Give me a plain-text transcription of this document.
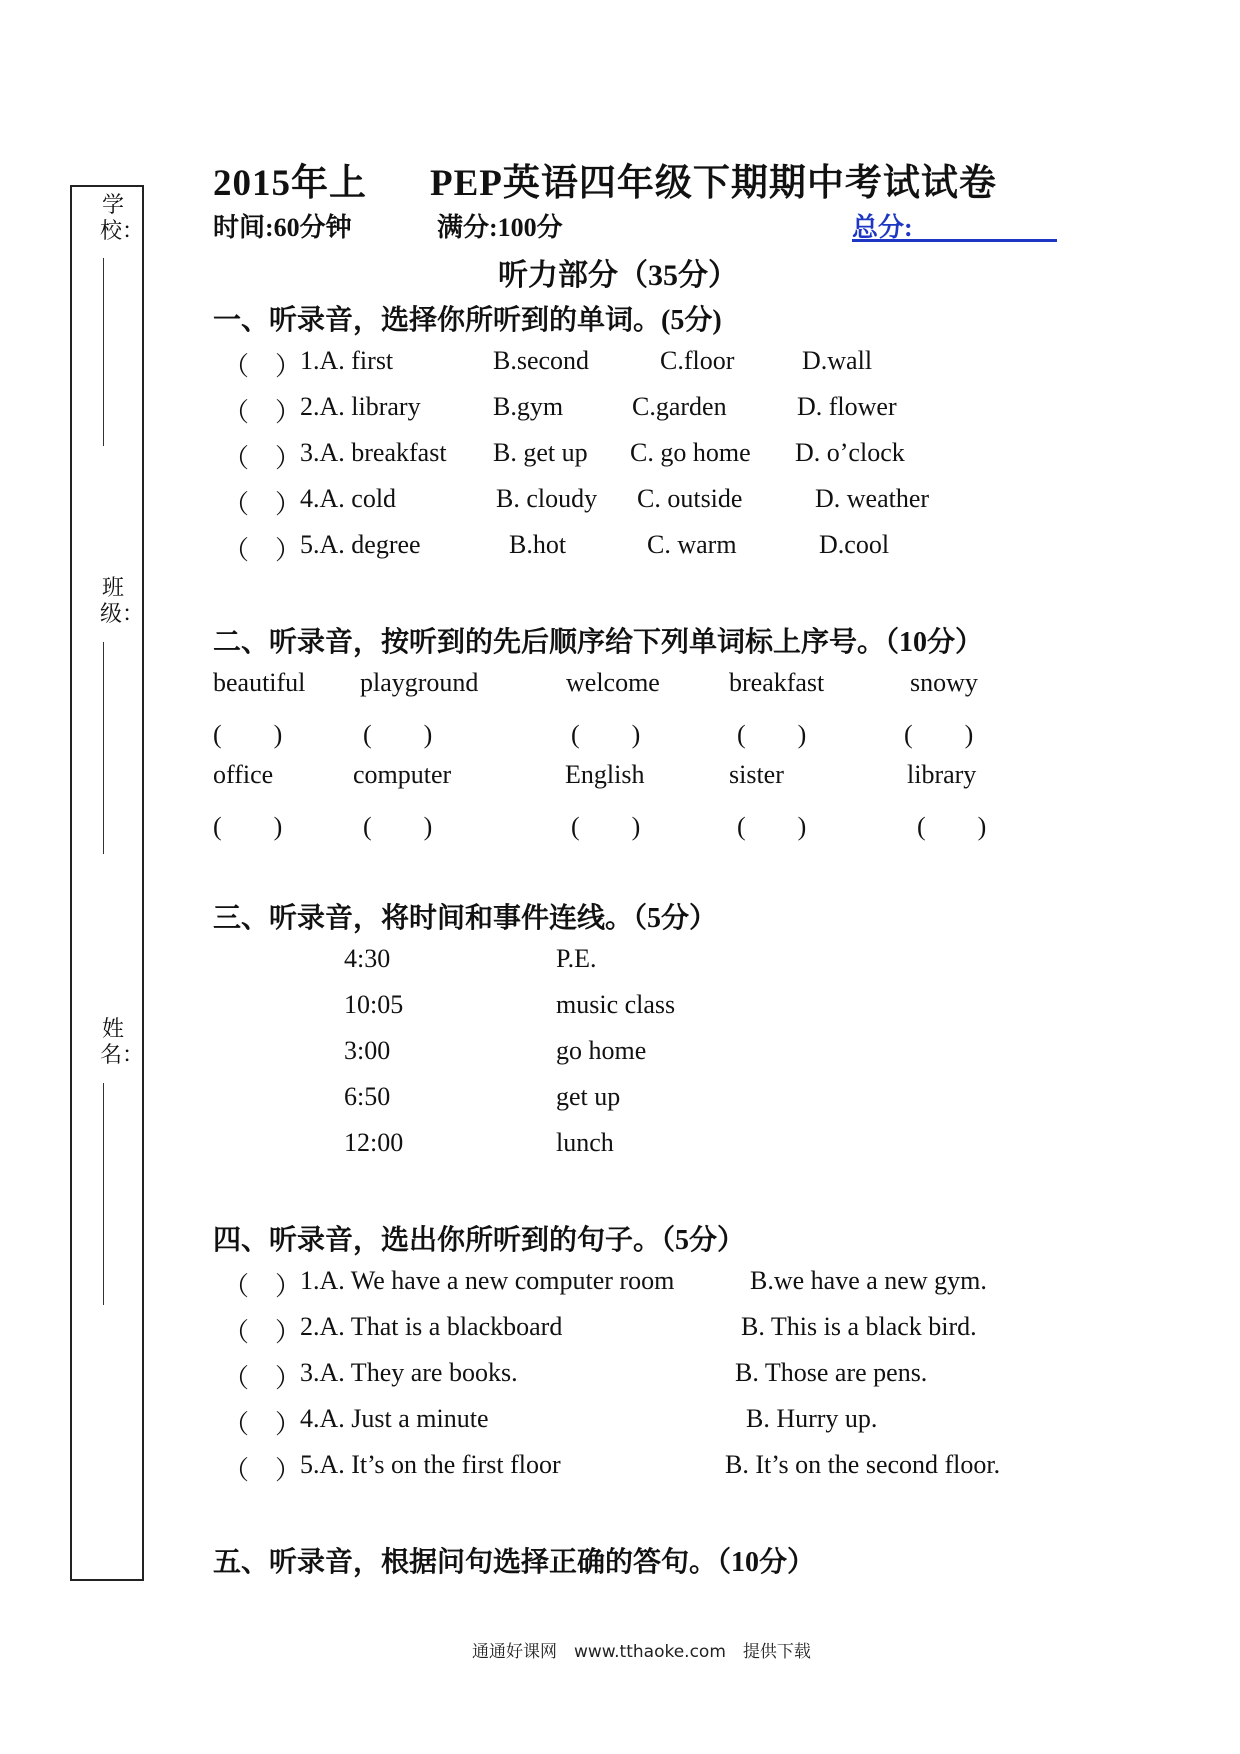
学校：
班级：
姓名：
2015年上 PEP英语四年级下期期中考试试卷
时间:60分钟	满分:100分	总分:
听力部分（35分）
一、听录音，选择你所听到的单词。(5分)
（　）
1.A. first	B.second	C.floor	D.wall
（　）
2.A. library	B.gym	C.garden	D. flower
（　）
3.A. breakfast B. get up C. go home D. o’clock
（　）
4.A. cold	B. cloudy C. outside	D. weather
（　）
5.A. degree	B.hot	C. warm	D.cool
二、听录音，按听到的先后顺序给下列单词标上序号。（10分）
beautiful playground	welcome	breakfast	snowy
(　　)	(　　)	(　　)	(　　)	(　　)
office	computer	English	sister	library
(　　)	(　　)	(　　)	(　　)	(　　)
三、听录音，将时间和事件连线。（5分）
4:30	P.E.
10:05	music class
3:00	go home
6:50	get up
12:00	lunch
四、听录音，选出你所听到的句子。（5分）
（　）
1.A. We have a new computer room	B.we have a new gym.
（　）
2.A. That is a blackboard	B. This is a black bird.
（　）
3.A. They are books.	B. Those are pens.
（　）
4.A. Just a minute	B. Hurry up.
（　）
5.A. It’s on the first floor	B. It’s on the second floor.
五、听录音，根据问句选择正确的答句。（10分）
通通好课网　www.tthaoke.com　提供下载
